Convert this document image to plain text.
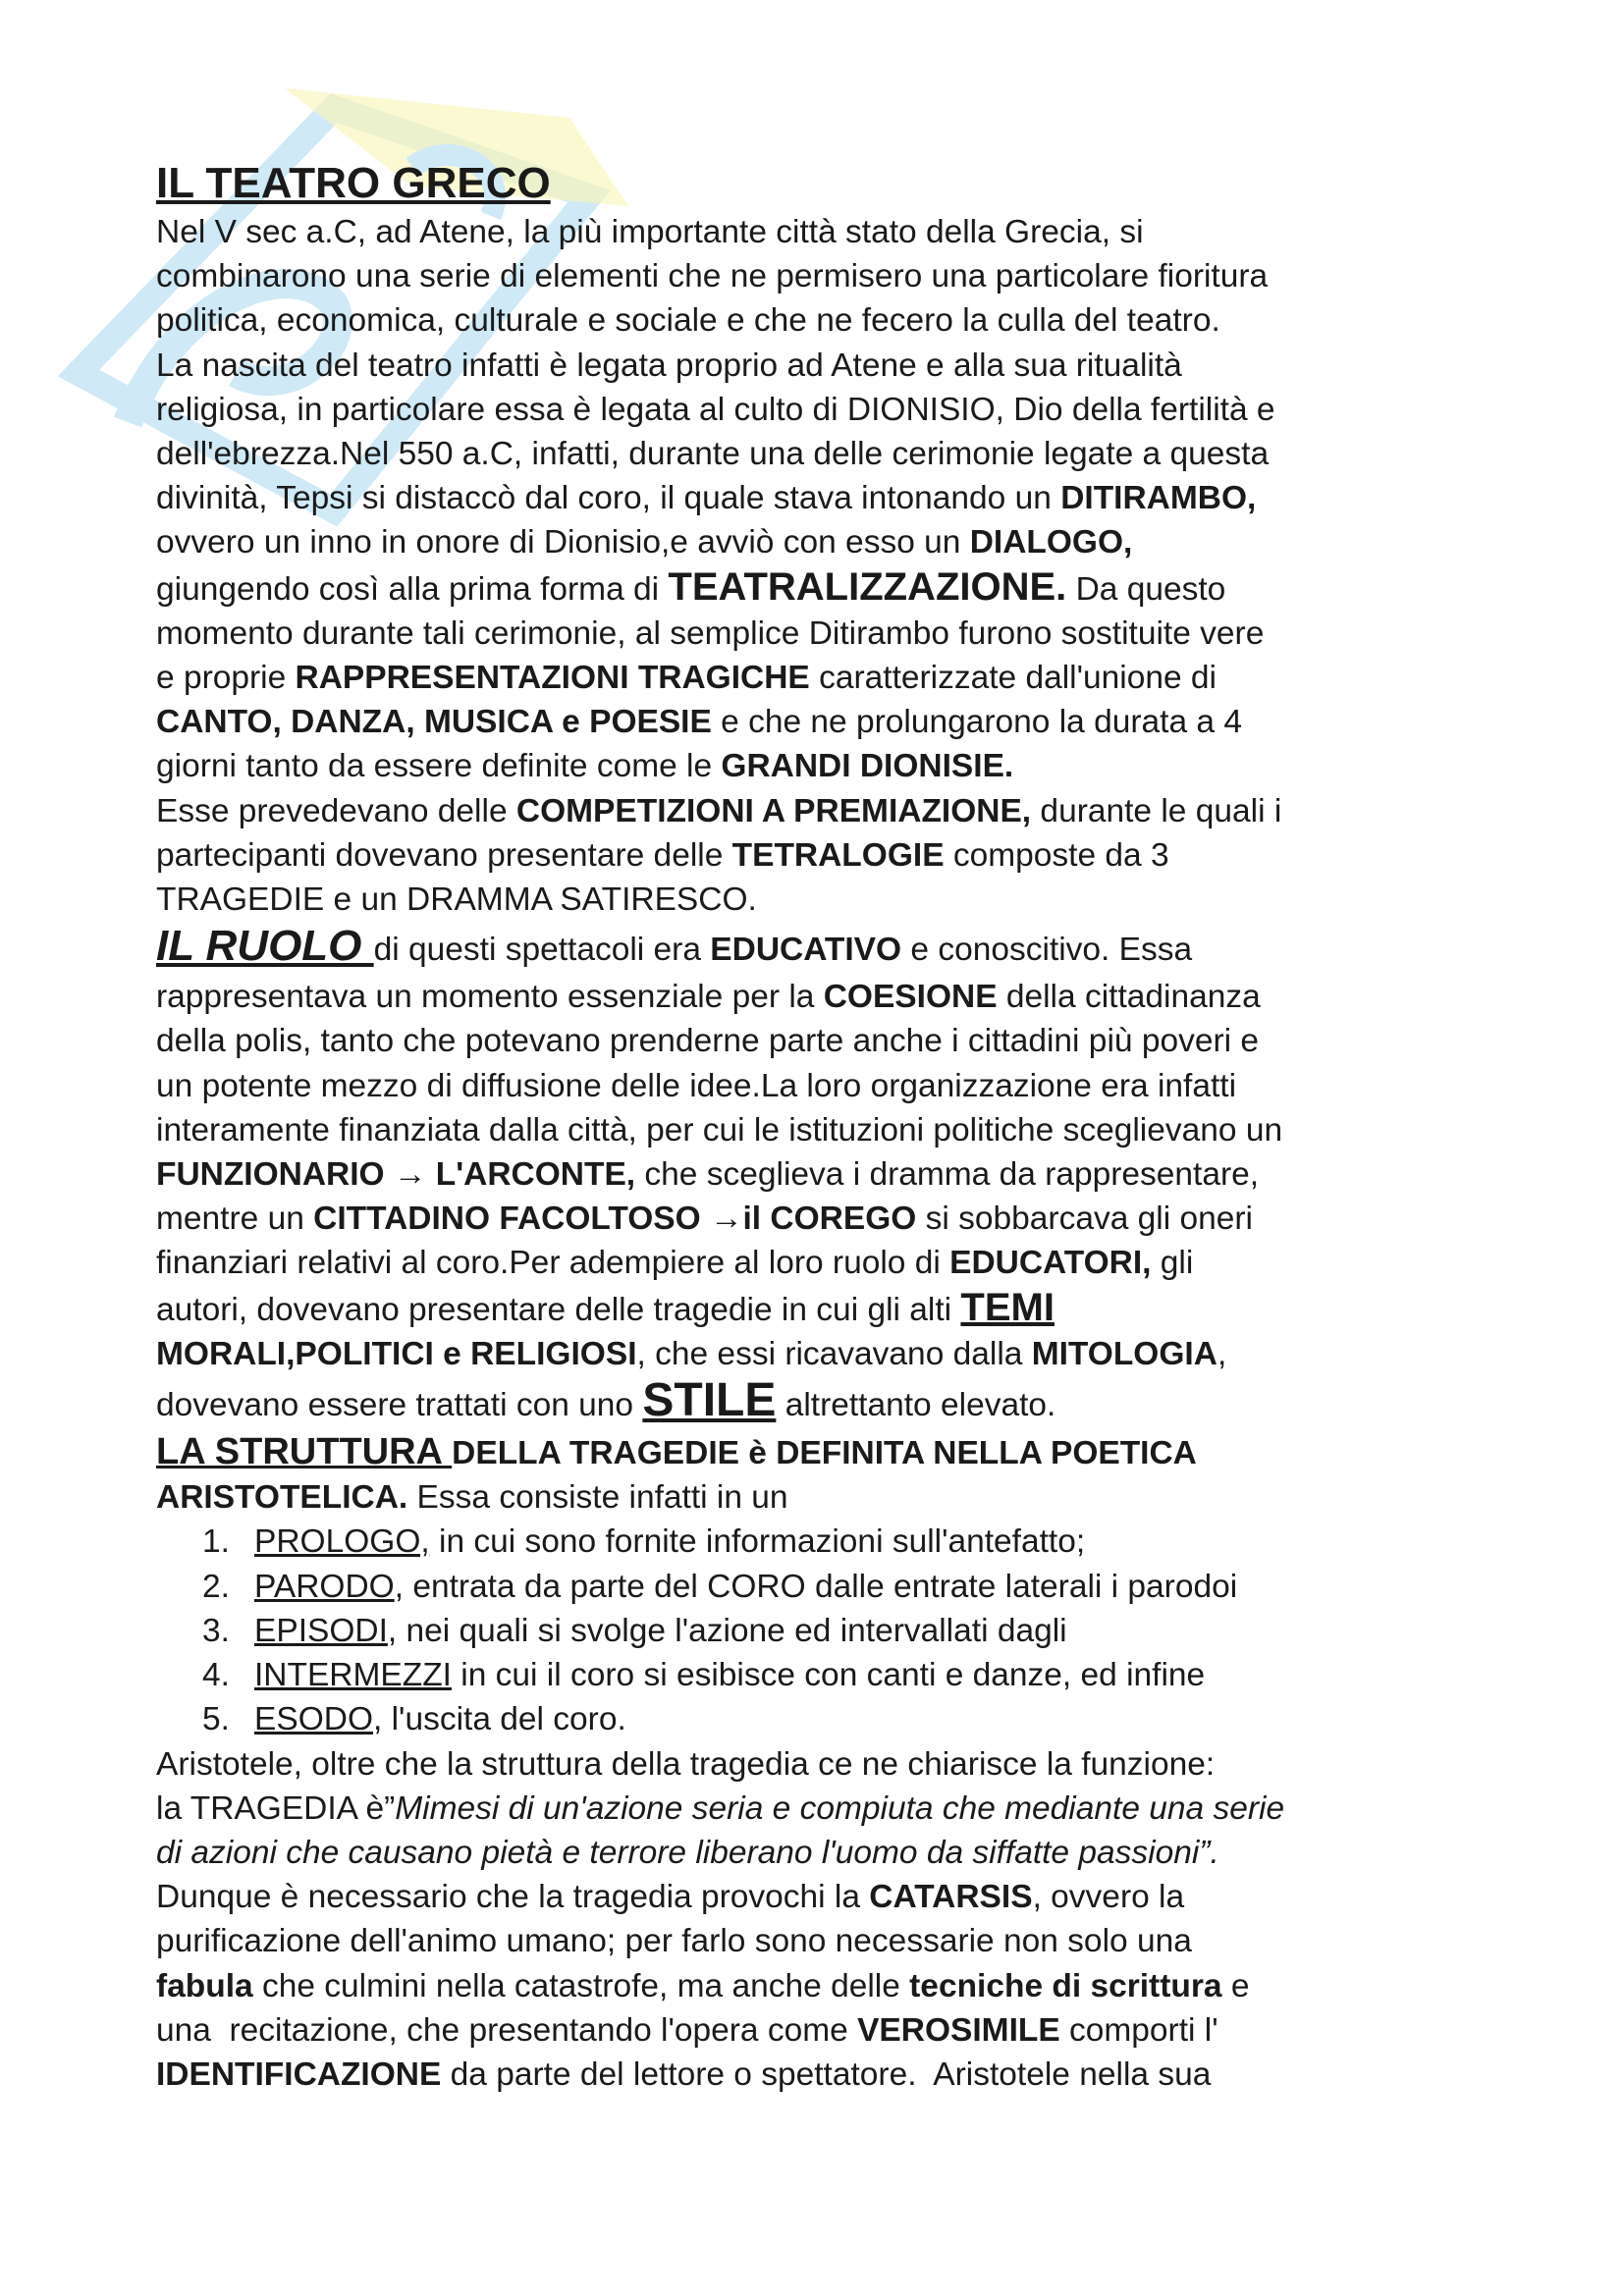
IL TEATRO GRECO
Nel V sec a.C, ad Atene, la più importante città stato della Grecia, si
combinarono una serie di elementi che ne permisero una particolare fioritura
politica, economica, culturale e sociale e che ne fecero la culla del teatro.
La nascita del teatro infatti è legata proprio ad Atene e alla sua ritualità
religiosa, in particolare essa è legata al culto di DIONISIO, Dio della fertilità e
dell'ebrezza.Nel 550 a.C, infatti, durante una delle cerimonie legate a questa
divinità, Tepsi si distaccò dal coro, il quale stava intonando un DITIRAMBO,
ovvero un inno in onore di Dionisio,e avviò con esso un DIALOGO,
giungendo così alla prima forma di TEATRALIZZAZIONE. Da questo
momento durante tali cerimonie, al semplice Ditirambo furono sostituite vere
e proprie RAPPRESENTAZIONI TRAGICHE caratterizzate dall'unione di
CANTO, DANZA, MUSICA e POESIE e che ne prolungarono la durata a 4
giorni tanto da essere definite come le GRANDI DIONISIE.
Esse prevedevano delle COMPETIZIONI A PREMIAZIONE, durante le quali i
partecipanti dovevano presentare delle TETRALOGIE composte da 3
TRAGEDIE e un DRAMMA SATIRESCO.
IL RUOLO di questi spettacoli era EDUCATIVO e conoscitivo. Essa
rappresentava un momento essenziale per la COESIONE della cittadinanza
della polis, tanto che potevano prenderne parte anche i cittadini più poveri e
un potente mezzo di diffusione delle idee.La loro organizzazione era infatti
interamente finanziata dalla città, per cui le istituzioni politiche sceglievano un
FUNZIONARIO → L'ARCONTE, che sceglieva i dramma da rappresentare,
mentre un CITTADINO FACOLTOSO →il COREGO si sobbarcava gli oneri
finanziari relativi al coro.Per adempiere al loro ruolo di EDUCATORI, gli
autori, dovevano presentare delle tragedie in cui gli alti TEMI
MORALI,POLITICI e RELIGIOSI, che essi ricavavano dalla MITOLOGIA,
dovevano essere trattati con uno STILE altrettanto elevato.
LA STRUTTURA DELLA TRAGEDIE è DEFINITA NELLA POETICA
ARISTOTELICA. Essa consiste infatti in un
1. PROLOGO, in cui sono fornite informazioni sull'antefatto;
2. PARODO, entrata da parte del CORO dalle entrate laterali i parodoi
3. EPISODI, nei quali si svolge l'azione ed intervallati dagli
4. INTERMEZZI in cui il coro si esibisce con canti e danze, ed infine
5. ESODO, l'uscita del coro.
Aristotele, oltre che la struttura della tragedia ce ne chiarisce la funzione:
la TRAGEDIA è”Mimesi di un'azione seria e compiuta che mediante una serie
di azioni che causano pietà e terrore liberano l'uomo da siffatte passioni”.
Dunque è necessario che la tragedia provochi la CATARSIS, ovvero la
purificazione dell'animo umano; per farlo sono necessarie non solo una
fabula che culmini nella catastrofe, ma anche delle tecniche di scrittura e
una  recitazione, che presentando l'opera come VEROSIMILE comporti l'
IDENTIFICAZIONE da parte del lettore o spettatore.  Aristotele nella sua
